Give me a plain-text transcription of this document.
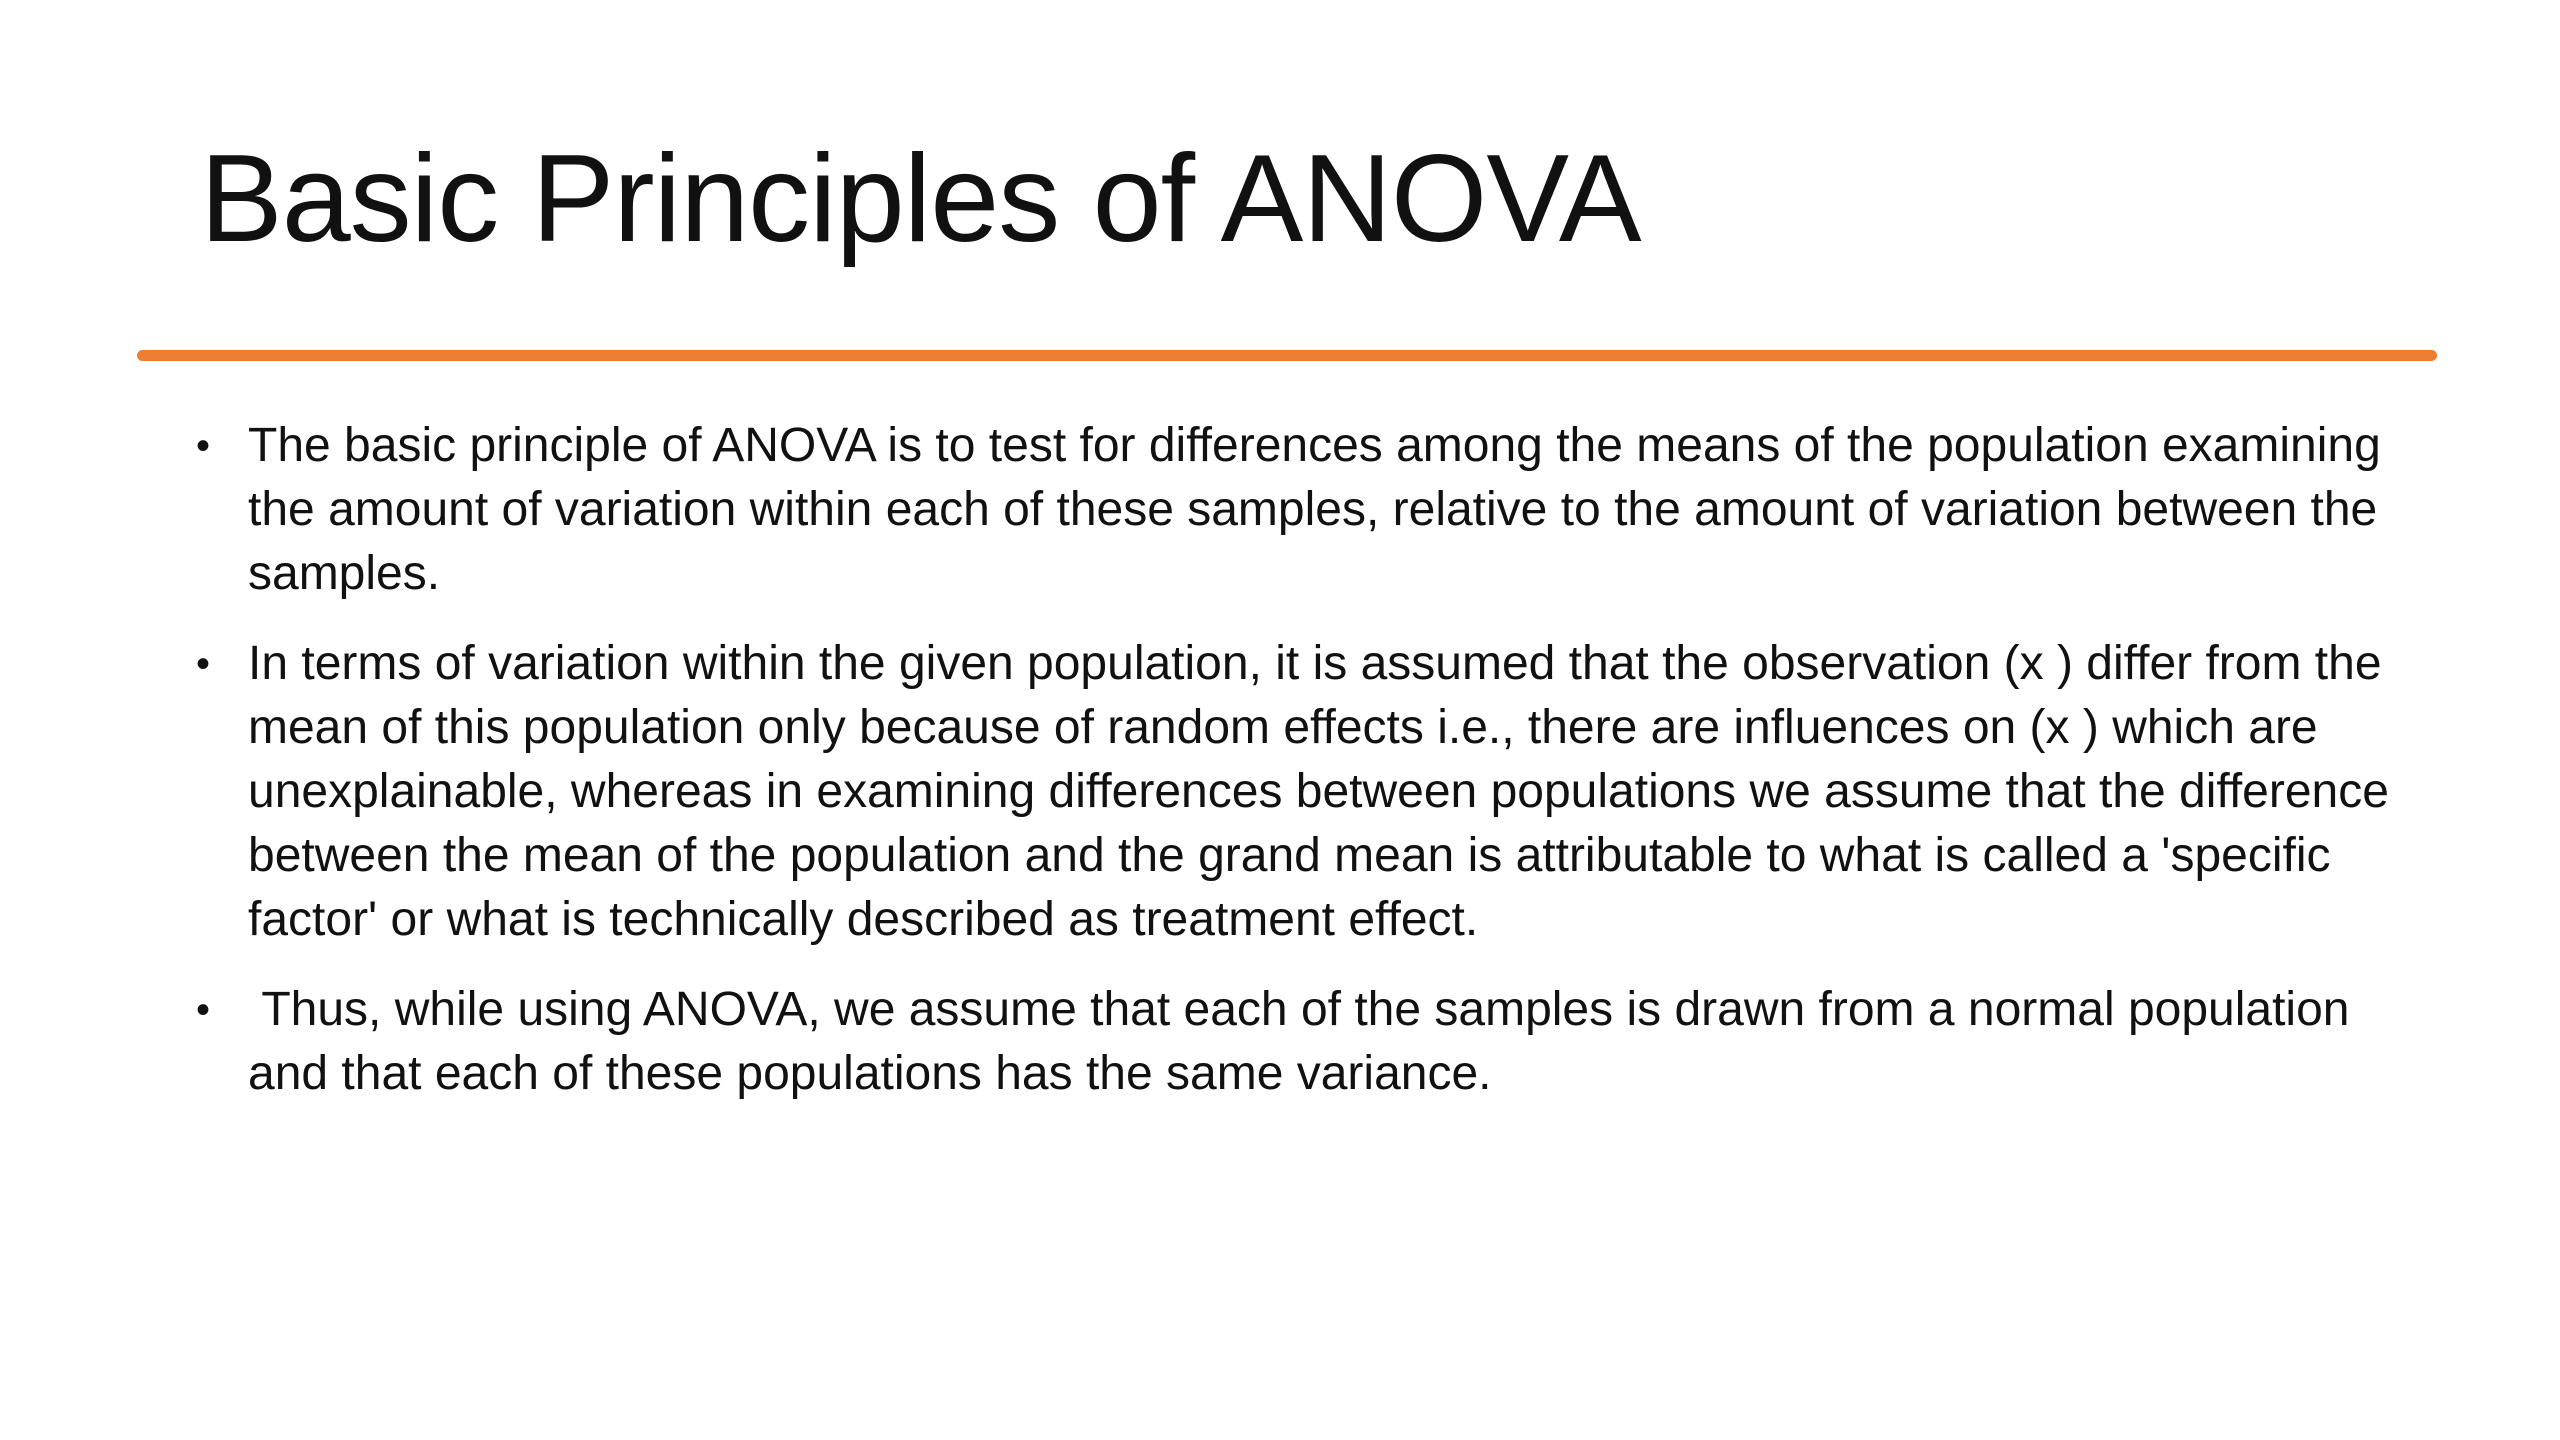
Basic Principles of ANOVA
• The basic principle of ANOVA is to test for differences among the means of the population examining the amount of variation within each of these samples, relative to the amount of variation between the samples.
• In terms of variation within the given population, it is assumed that the observation (x ) differ from the mean of this population only because of random effects i.e., there are influences on (x ) which are unexplainable, whereas in examining differences between populations we assume that the difference between the mean of the population and the grand mean is attributable to what is called a 'specific factor' or what is technically described as treatment effect.
• Thus, while using ANOVA, we assume that each of the samples is drawn from a normal population and that each of these populations has the same variance.
